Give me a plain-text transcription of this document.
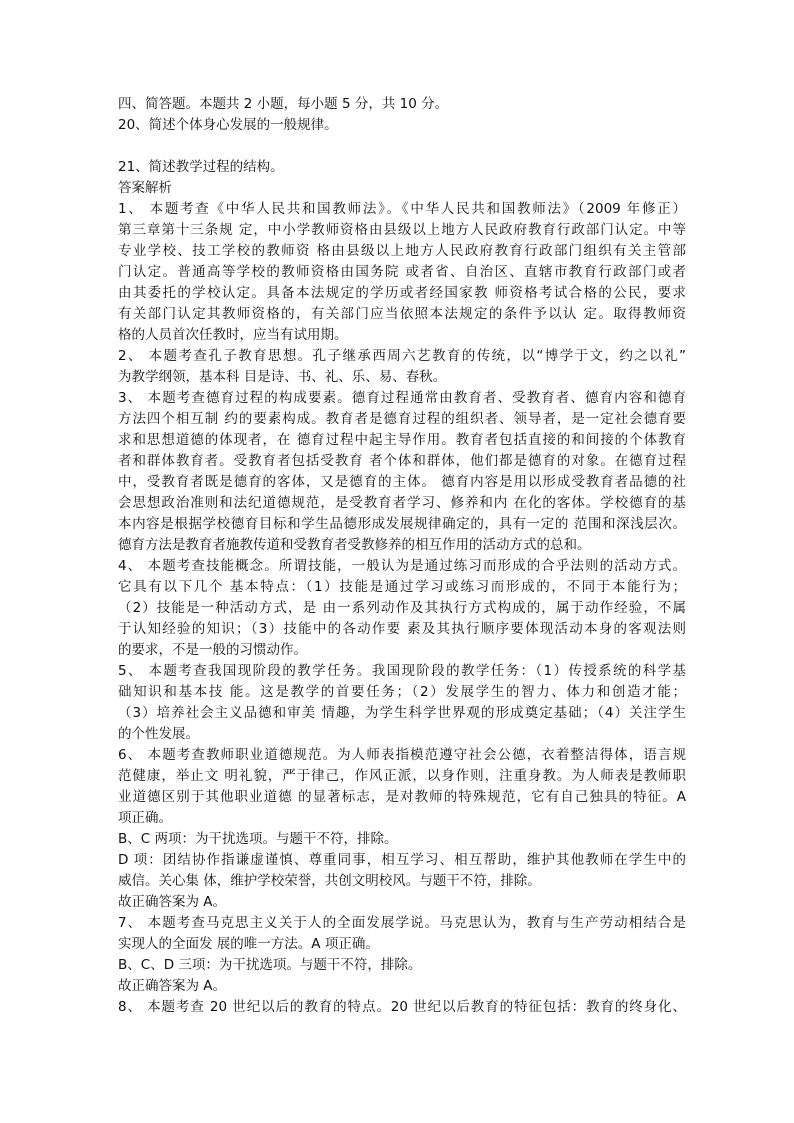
四、简答题。本题共 2 小题，每小题 5 分，共 10 分。
20、简述个体身心发展的一般规律。
21、简述教学过程的结构。
答案解析
1、 本题考查《中华人民共和国教师法》。《中华人民共和国教师法》（2009 年修正）
第三章第十三条规 定，中小学教师资格由县级以上地方人民政府教育行政部门认定。中等
专业学校、技工学校的教师资 格由县级以上地方人民政府教育行政部门组织有关主管部
门认定。普通高等学校的教师资格由国务院 或者省、自治区、直辖市教育行政部门或者
由其委托的学校认定。具备本法规定的学历或者经国家教 师资格考试合格的公民，要求
有关部门认定其教师资格的，有关部门应当依照本法规定的条件予以认 定。取得教师资
格的人员首次任教时，应当有试用期。
2、 本题考查孔子教育思想。孔子继承西周六艺教育的传统，以“博学于文，约之以礼”
为教学纲领，基本科 目是诗、书、礼、乐、易、春秋。
3、 本题考查德育过程的构成要素。德育过程通常由教育者、受教育者、德育内容和德育
方法四个相互制 约的要素构成。教育者是德育过程的组织者、领导者，是一定社会德育要
求和思想道德的体现者，在 德育过程中起主导作用。教育者包括直接的和间接的个体教育
者和群体教育者。受教育者包括受教育 者个体和群体，他们都是德育的对象。在德育过程
中，受教育者既是德育的客体，又是德育的主体。 德育内容是用以形成受教育者品德的社
会思想政治准则和法纪道德规范，是受教育者学习、修养和内 在化的客体。学校德育的基
本内容是根据学校德育目标和学生品德形成发展规律确定的，具有一定的 范围和深浅层次。
德育方法是教育者施教传道和受教育者受教修养的相互作用的活动方式的总和。
4、 本题考查技能概念。所谓技能，一般认为是通过练习而形成的合乎法则的活动方式。
它具有以下几个 基本特点：（1）技能是通过学习或练习而形成的，不同于本能行为；
（2）技能是一种活动方式，是 由一系列动作及其执行方式构成的，属于动作经验，不属
于认知经验的知识；（3）技能中的各动作要 素及其执行顺序要体现活动本身的客观法则
的要求，不是一般的习惯动作。
5、 本题考查我国现阶段的教学任务。我国现阶段的教学任务：（1）传授系统的科学基
础知识和基本技 能。这是教学的首要任务；（2）发展学生的智力、体力和创造才能；
（3）培养社会主义品德和审美 情趣，为学生科学世界观的形成奠定基础；（4）关注学生
的个性发展。
6、 本题考查教师职业道德规范。为人师表指模范遵守社会公德，衣着整洁得体，语言规
范健康，举止文 明礼貌，严于律己，作风正派，以身作则，注重身教。为人师表是教师职
业道德区别于其他职业道德 的显著标志，是对教师的特殊规范，它有自己独具的特征。A
项正确。
B、C 两项：为干扰选项。与题干不符，排除。
D 项：团结协作指谦虚谨慎、尊重同事，相互学习、相互帮助，维护其他教师在学生中的
威信。关心集 体，维护学校荣誉，共创文明校风。与题干不符，排除。
故正确答案为 A。
7、 本题考查马克思主义关于人的全面发展学说。马克思认为，教育与生产劳动相结合是
实现人的全面发 展的唯一方法。A 项正确。
B、C、D 三项：为干扰选项。与题干不符，排除。
故正确答案为 A。
8、 本题考查 20 世纪以后的教育的特点。20 世纪以后教育的特征包括：教育的终身化、
